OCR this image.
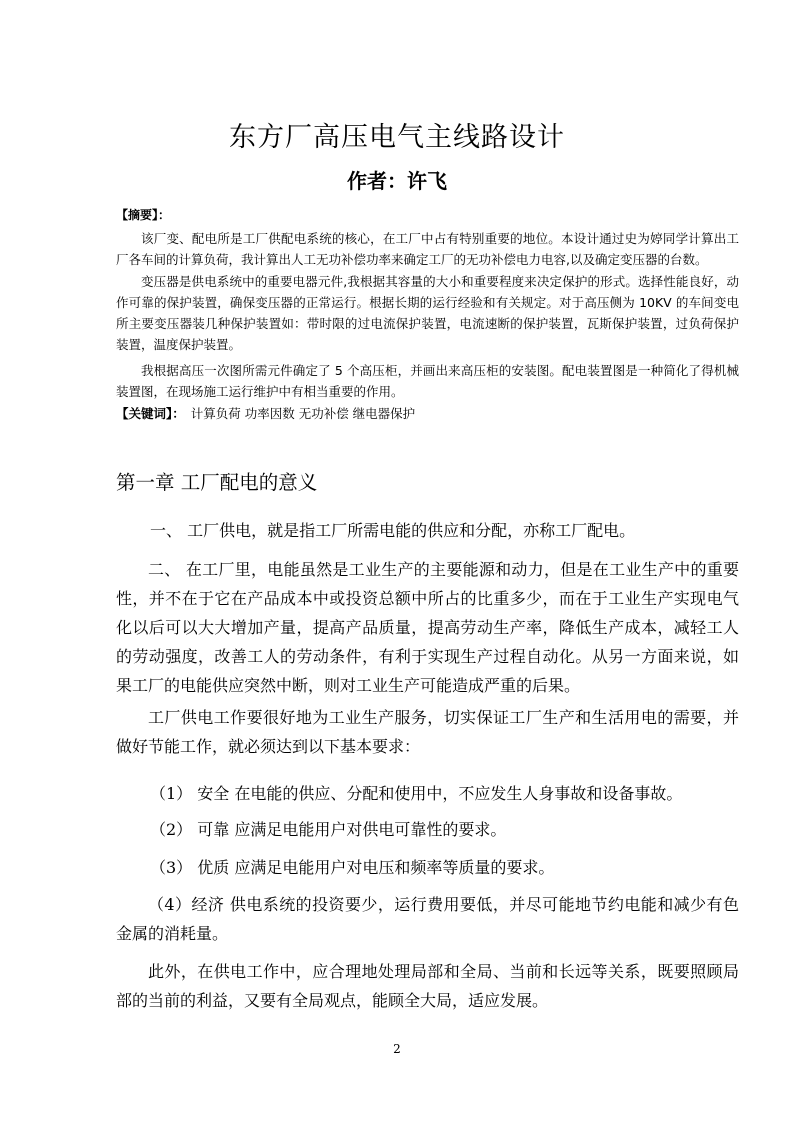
东方厂高压电气主线路设计
作者：许飞
【摘要】：

该厂变、配电所是工厂供配电系统的核心，在工厂中占有特别重要的地位。本设计通过史为婷同学计算出工厂各车间的计算负荷，我计算出人工无功补偿功率来确定工厂的无功补偿电力电容,以及确定变压器的台数。

变压器是供电系统中的重要电器元件,我根据其容量的大小和重要程度来决定保护的形式。选择性能良好，动作可靠的保护装置，确保变压器的正常运行。根据长期的运行经验和有关规定。对于高压侧为 10KV 的车间变电所主要变压器装几种保护装置如：带时限的过电流保护装置，电流速断的保护装置，瓦斯保护装置，过负荷保护装置，温度保护装置。

我根据高压一次图所需元件确定了 5 个高压柜，并画出来高压柜的安装图。配电装置图是一种简化了得机械装置图，在现场施工运行维护中有相当重要的作用。

【关键词】： 计算负荷 功率因数 无功补偿 继电器保护
第一章 工厂配电的意义

一、 工厂供电，就是指工厂所需电能的供应和分配，亦称工厂配电。

二、 在工厂里，电能虽然是工业生产的主要能源和动力，但是在工业生产中的重要性，并不在于它在产品成本中或投资总额中所占的比重多少，而在于工业生产实现电气化以后可以大大增加产量，提高产品质量，提高劳动生产率，降低生产成本，减轻工人的劳动强度，改善工人的劳动条件，有利于实现生产过程自动化。从另一方面来说，如果工厂的电能供应突然中断，则对工业生产可能造成严重的后果。

工厂供电工作要很好地为工业生产服务，切实保证工厂生产和生活用电的需要，并做好节能工作，就必须达到以下基本要求：

（1） 安全 在电能的供应、分配和使用中，不应发生人身事故和设备事故。

（2） 可靠 应满足电能用户对供电可靠性的要求。

（3） 优质 应满足电能用户对电压和频率等质量的要求。

（4）经济 供电系统的投资要少，运行费用要低，并尽可能地节约电能和减少有色金属的消耗量。

此外，在供电工作中，应合理地处理局部和全局、当前和长远等关系，既要照顾局部的当前的利益，又要有全局观点，能顾全大局，适应发展。

2
